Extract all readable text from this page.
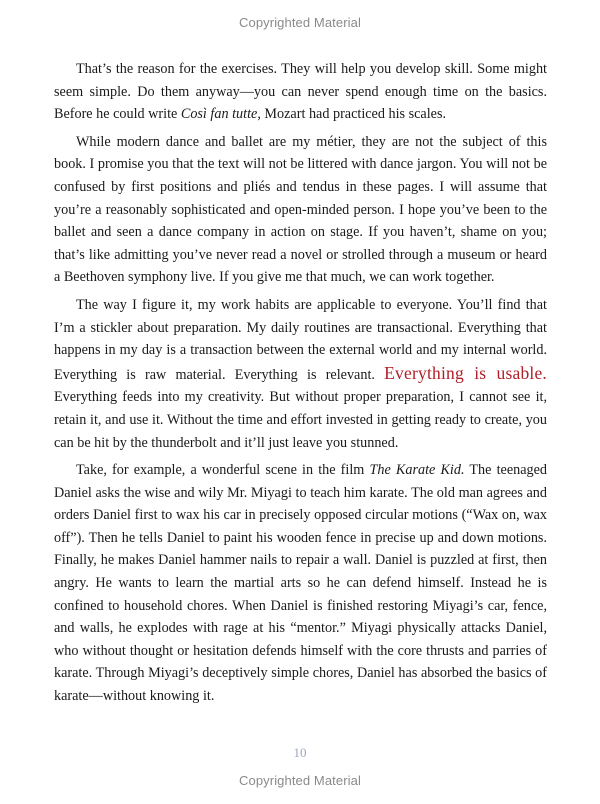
Copyrighted Material

That’s the reason for the exercises. They will help you develop skill. Some might seem simple. Do them anyway—you can never spend enough time on the basics. Before he could write Così fan tutte, Mozart had practiced his scales.

While modern dance and ballet are my métier, they are not the subject of this book. I promise you that the text will not be littered with dance jargon. You will not be confused by first positions and pliés and tendus in these pages. I will assume that you’re a reasonably sophisticated and open-minded person. I hope you’ve been to the ballet and seen a dance company in action on stage. If you haven’t, shame on you; that’s like admitting you’ve never read a novel or strolled through a museum or heard a Beethoven symphony live. If you give me that much, we can work together.

The way I figure it, my work habits are applicable to everyone. You’ll find that I’m a stickler about preparation. My daily routines are transactional. Everything that happens in my day is a transaction between the external world and my internal world. Everything is raw material. Everything is relevant. Everything is usable. Everything feeds into my creativity. But without proper preparation, I cannot see it, retain it, and use it. Without the time and effort invested in getting ready to create, you can be hit by the thunderbolt and it’ll just leave you stunned.

Take, for example, a wonderful scene in the film The Karate Kid. The teenaged Daniel asks the wise and wily Mr. Miyagi to teach him karate. The old man agrees and orders Daniel first to wax his car in precisely opposed circular motions (“Wax on, wax off”). Then he tells Daniel to paint his wooden fence in precise up and down motions. Finally, he makes Daniel hammer nails to repair a wall. Daniel is puzzled at first, then angry. He wants to learn the martial arts so he can defend himself. Instead he is confined to household chores. When Daniel is finished restoring Miyagi’s car, fence, and walls, he explodes with rage at his “mentor.” Miyagi physically attacks Daniel, who without thought or hesitation defends himself with the core thrusts and parries of karate. Through Miyagi’s deceptively simple chores, Daniel has absorbed the basics of karate—without knowing it.

10
Copyrighted Material
